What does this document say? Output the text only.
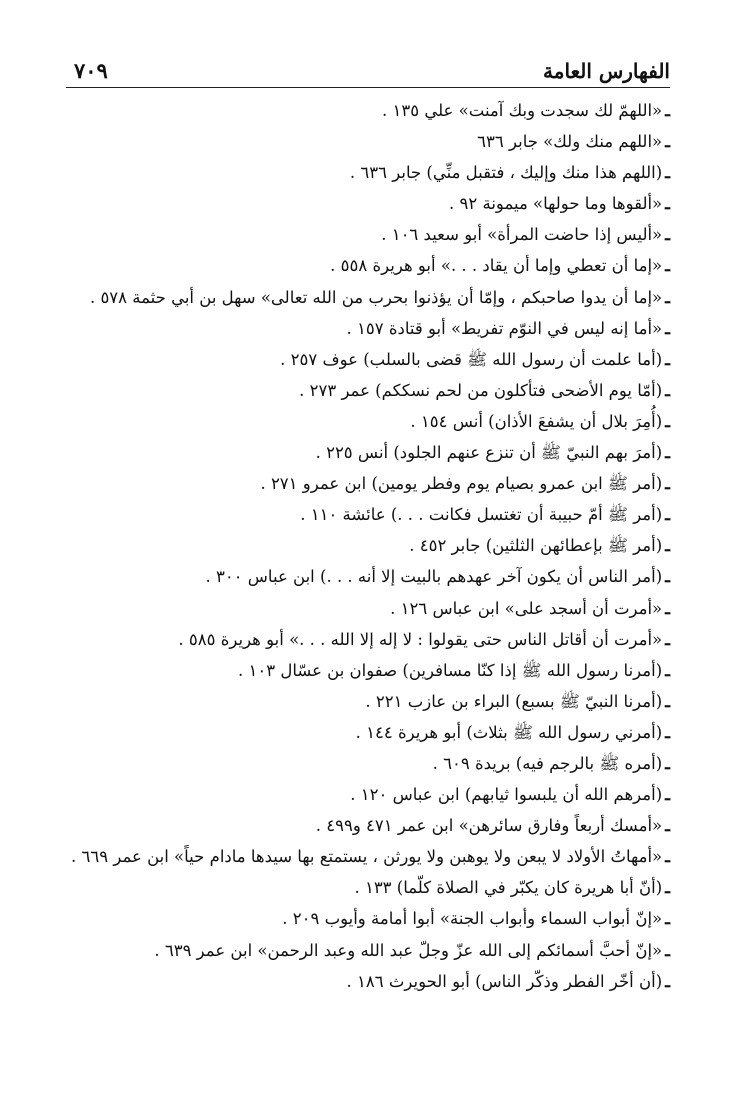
٧٠٩	الفهارس العامة
ـ«اللهمّ لك سجدت وبك آمنت» علي ١٣٥ .
ـ«اللهم منك ولك» جابر ٦٣٦
ـ(اللهم هذا منك وإليك ، فتقبل منِّي) جابر ٦٣٦ .
ـ«ألقوها وما حولها» ميمونة ٩٢ .
ـ«أليس إذا حاضت المرأة» أبو سعيد ١٠٦ .
ـ«إما أن تعطي وإما أن يقاد . . .» أبو هريرة ٥٥٨ .
ـ«إما أن يدوا صاحبكم ، وإمّا أن يؤذنوا بحرب من الله تعالى» سهل بن أبي حثمة ٥٧٨ .
ـ«أما إنه ليس في النوّم تفريط» أبو قتادة ١٥٧ .
ـ(أما علمت أن رسول الله ﷺ قضى بالسلب) عوف ٢٥٧ .
ـ(أمّا يوم الأضحى فتأكلون من لحم نسككم) عمر ٢٧٣ .
ـ(أُمِرَ بلال أن يشفعَ الأذان) أنس ١٥٤ .
ـ(أمرَ بهم النبيّ ﷺ أن تنزع عنهم الجلود) أنس ٢٢٥ .
ـ(أمر ﷺ ابن عمرو بصيام يوم وفطر يومين) ابن عمرو ٢٧١ .
ـ(أمر ﷺ أمّ حبيبة أن تغتسل فكانت . . .) عائشة ١١٠ .
ـ(أمر ﷺ بإعطائهن الثلثين) جابر ٤٥٢ .
ـ(أمر الناس أن يكون آخر عهدهم بالبيت إلا أنه . . .) ابن عباس ٣٠٠ .
ـ«أمرت أن أسجد على» ابن عباس ١٢٦ .
ـ«أمرت أن أقاتل الناس حتى يقولوا : لا إله إلا الله . . .» أبو هريرة ٥٨٥ .
ـ(أمرنا رسول الله ﷺ إذا كنّا مسافرين) صفوان بن عسّال ١٠٣ .
ـ(أمرنا النبيّ ﷺ بسبع) البراء بن عازب ٢٢١ .
ـ(أمرني رسول الله ﷺ بثلاث) أبو هريرة ١٤٤ .
ـ(أمره ﷺ بالرجم فيه) بريدة ٦٠٩ .
ـ(أمرهم الله أن يلبسوا ثيابهم) ابن عباس ١٢٠ .
ـ«أمسك أربعاً وفارق سائرهن» ابن عمر ٤٧١ و٤٩٩ .
ـ«أمهاتُ الأولاد لا يبعن ولا يوهبن ولا يورثن ، يستمتع بها سيدها مادام حياً» ابن عمر ٦٦٩ .
ـ(أنّ أبا هريرة كان يكبّر في الصلاة كلّما) ١٣٣ .
ـ«إنّ أبواب السماء وأبواب الجنة» أبوا أمامة وأيوب ٢٠٩ .
ـ«إنّ أحبَّ أسمائكم إلى الله عزّ وجلّ عبد الله وعبد الرحمن» ابن عمر ٦٣٩ .
ـ(أن أخّر الفطر وذكّر الناس) أبو الحويرث ١٨٦ .
